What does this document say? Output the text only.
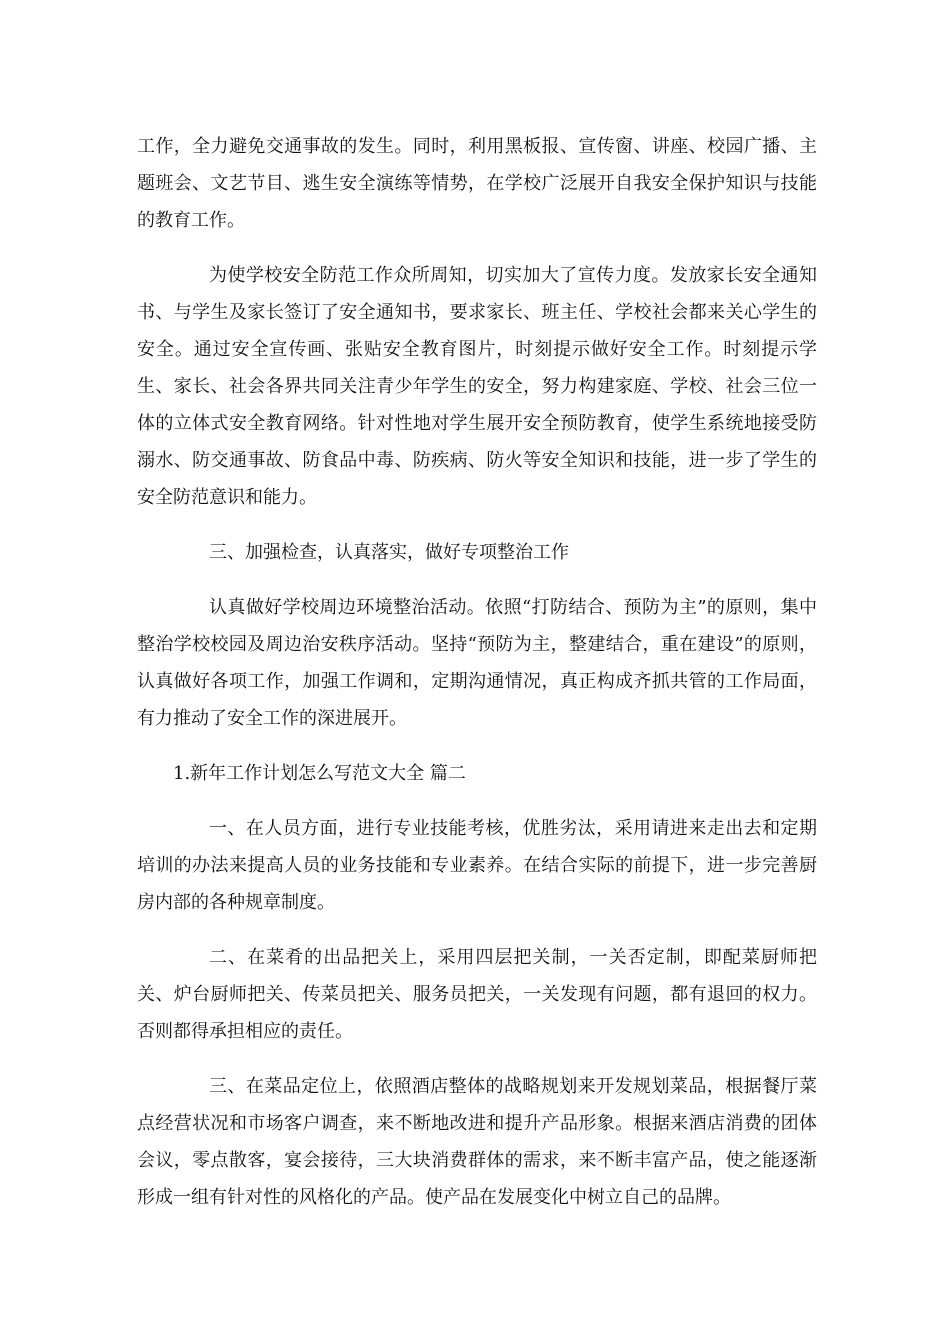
工作，全力避免交通事故的发生。同时，利用黑板报、宣传窗、讲座、校园广播、主题班会、文艺节目、逃生安全演练等情势，在学校广泛展开自我安全保护知识与技能的教育工作。

为使学校安全防范工作众所周知，切实加大了宣传力度。发放家长安全通知书、与学生及家长签订了安全通知书，要求家长、班主任、学校社会都来关心学生的安全。通过安全宣传画、张贴安全教育图片，时刻提示做好安全工作。时刻提示学生、家长、社会各界共同关注青少年学生的安全，努力构建家庭、学校、社会三位一体的立体式安全教育网络。针对性地对学生展开安全预防教育，使学生系统地接受防溺水、防交通事故、防食品中毒、防疾病、防火等安全知识和技能，进一步了学生的安全防范意识和能力。

三、加强检查，认真落实，做好专项整治工作

认真做好学校周边环境整治活动。依照“打防结合、预防为主”的原则，集中整治学校校园及周边治安秩序活动。坚持“预防为主，整建结合，重在建设”的原则，认真做好各项工作，加强工作调和，定期沟通情况，真正构成齐抓共管的工作局面，有力推动了安全工作的深进展开。

1.新年工作计划怎么写范文大全 篇二

一、在人员方面，进行专业技能考核，优胜劣汰，采用请进来走出去和定期培训的办法来提高人员的业务技能和专业素养。在结合实际的前提下，进一步完善厨房内部的各种规章制度。

二、在菜肴的出品把关上，采用四层把关制，一关否定制，即配菜厨师把关、炉台厨师把关、传菜员把关、服务员把关，一关发现有问题，都有退回的权力。否则都得承担相应的责任。

三、在菜品定位上，依照酒店整体的战略规划来开发规划菜品，根据餐厅菜点经营状况和市场客户调查，来不断地改进和提升产品形象。根据来酒店消费的团体会议，零点散客，宴会接待，三大块消费群体的需求，来不断丰富产品，使之能逐渐形成一组有针对性的风格化的产品。使产品在发展变化中树立自己的品牌。
